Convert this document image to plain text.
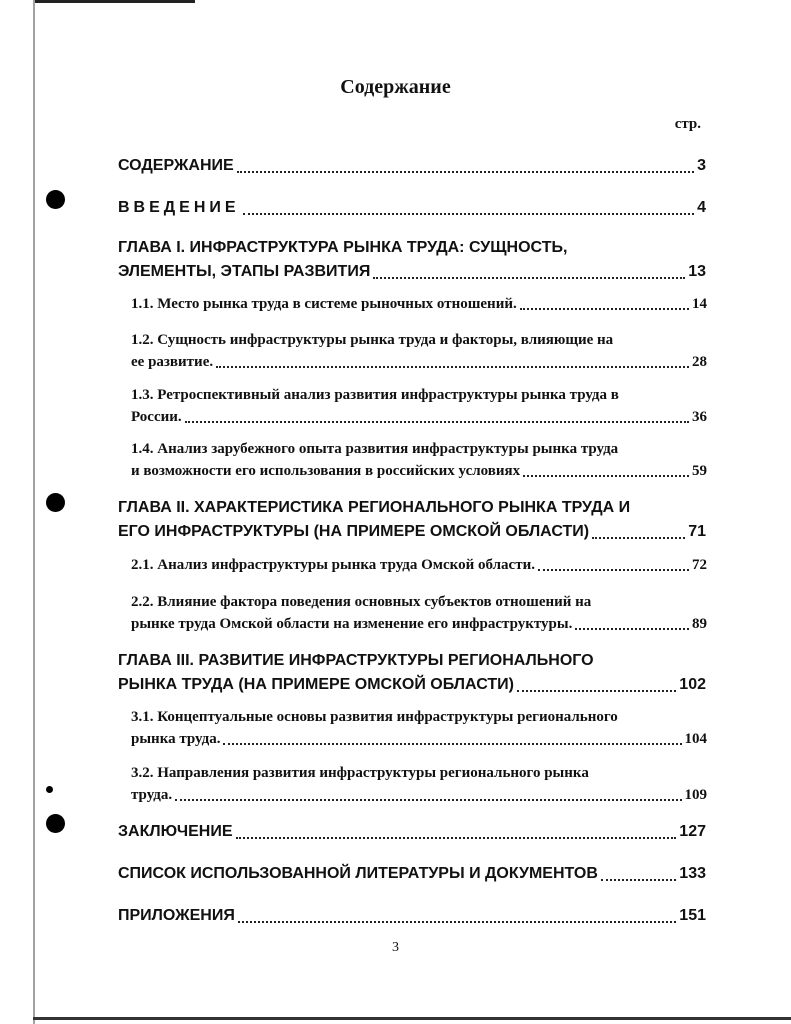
Содержание
стр.
СОДЕРЖАНИЕ	3
ВВЕДЕНИЕ	4
ГЛАВА I. ИНФРАСТРУКТУРА РЫНКА ТРУДА: СУЩНОСТЬ,
ЭЛЕМЕНТЫ, ЭТАПЫ РАЗВИТИЯ	13
1.1. Место рынка труда в системе рыночных отношений.	14
1.2. Сущность инфраструктуры рынка труда и факторы, влияющие на
ее развитие.	28
1.3. Ретроспективный анализ развития инфраструктуры рынка труда в
России.	36
1.4. Анализ зарубежного опыта развития инфраструктуры рынка труда
и возможности его использования в российских условиях	59
ГЛАВА II. ХАРАКТЕРИСТИКА РЕГИОНАЛЬНОГО РЫНКА ТРУДА И
ЕГО ИНФРАСТРУКТУРЫ (НА ПРИМЕРЕ ОМСКОЙ ОБЛАСТИ)	71
2.1. Анализ инфраструктуры рынка труда Омской области.	72
2.2. Влияние фактора поведения основных субъектов отношений на
рынке труда Омской области на изменение его инфраструктуры.	89
ГЛАВА III. РАЗВИТИЕ ИНФРАСТРУКТУРЫ РЕГИОНАЛЬНОГО
РЫНКА ТРУДА (НА ПРИМЕРЕ ОМСКОЙ ОБЛАСТИ)	102
3.1. Концептуальные основы развития инфраструктуры регионального
рынка труда.	104
3.2. Направления развития инфраструктуры регионального рынка
труда.	109
ЗАКЛЮЧЕНИЕ	127
СПИСОК ИСПОЛЬЗОВАННОЙ ЛИТЕРАТУРЫ И ДОКУМЕНТОВ	133
ПРИЛОЖЕНИЯ	151
3
